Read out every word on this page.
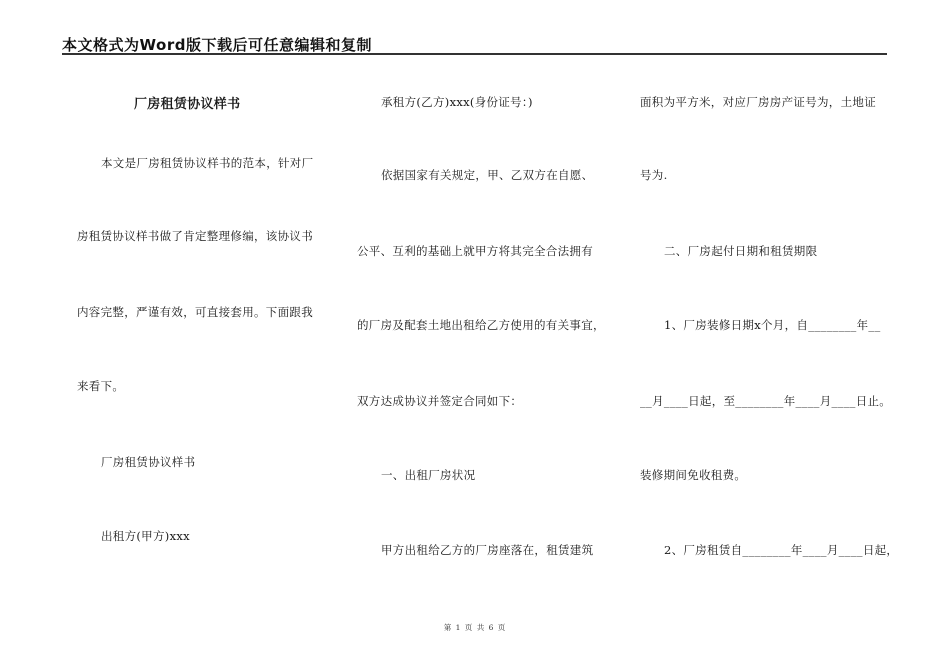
本文格式为Word版下载后可任意编辑和复制
厂房租赁协议样书
本文是厂房租赁协议样书的范本，针对厂
房租赁协议样书做了肯定整理修编，该协议书
内容完整，严谨有效，可直接套用。下面跟我
来看下。
厂房租赁协议样书
出租方(甲方)xxx
承租方(乙方)xxx(身份证号：)
依据国家有关规定，甲、乙双方在自愿、
公平、互利的基础上就甲方将其完全合法拥有
的厂房及配套土地出租给乙方使用的有关事宜，
双方达成协议并签定合同如下：
一、出租厂房状况
甲方出租给乙方的厂房座落在，租赁建筑
面积为平方米，对应厂房房产证号为，土地证
号为.
二、厂房起付日期和租赁期限
1、厂房装修日期x个月，自________年__
__月____日起，至________年____月____日止。
装修期间免收租费。
2、厂房租赁自________年____月____日起，
第 1 页 共 6 页
